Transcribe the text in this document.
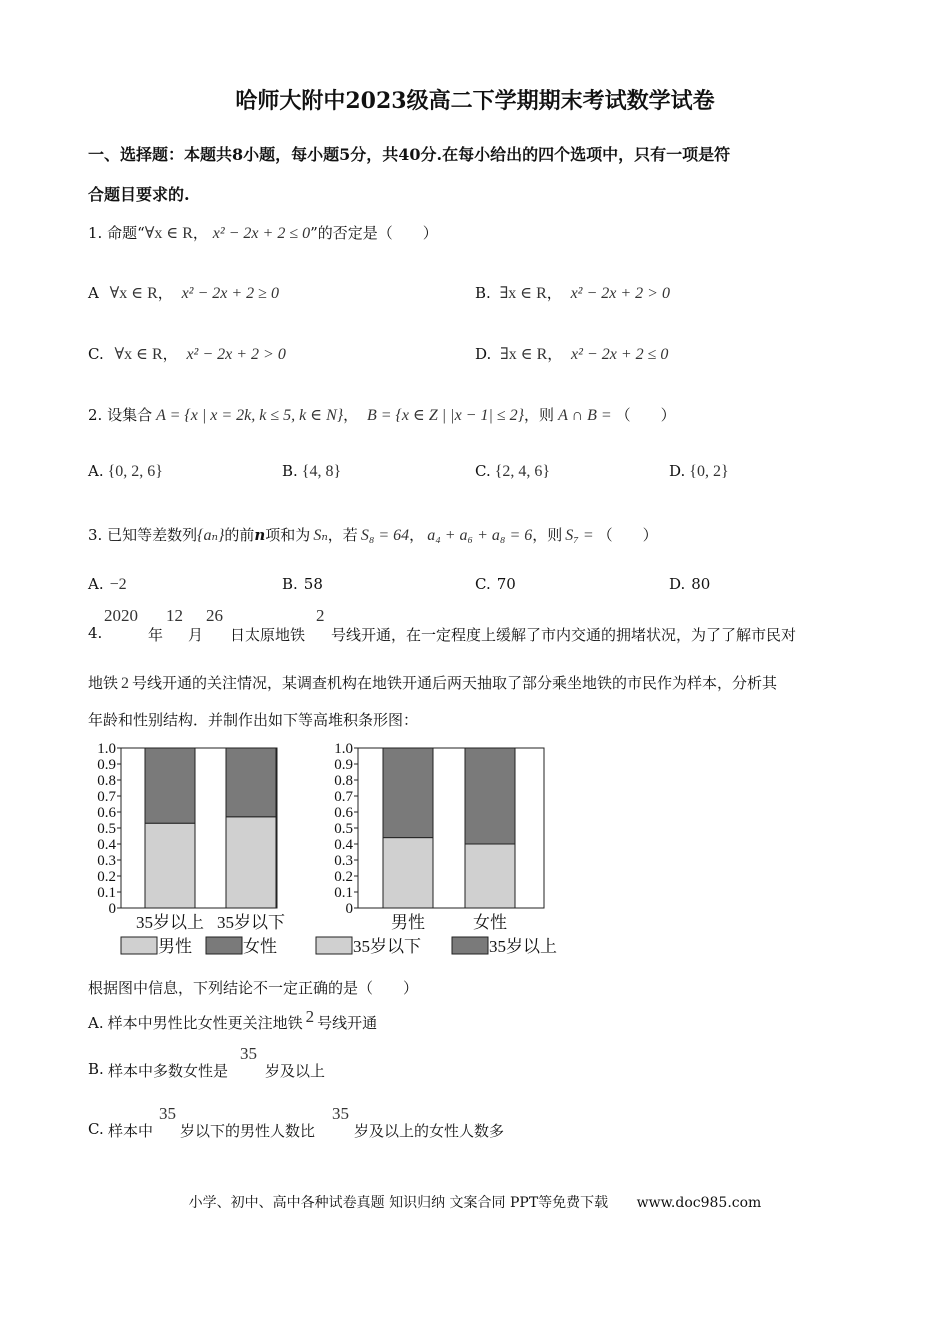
哈师大附中2023级高二下学期期末考试数学试卷
一、选择题：本题共8小题，每小题5分，共40分.在每小给出的四个选项中，只有一项是符
合题目要求的.
1. 命题“∀x ∈ R， x² − 2x + 2 ≤ 0”的否定是（　　）
A ∀x ∈ R， x² − 2x + 2 ≥ 0	B. ∃x ∈ R， x² − 2x + 2 > 0
C. ∀x ∈ R， x² − 2x + 2 > 0	D. ∃x ∈ R， x² − 2x + 2 ≤ 0
2. 设集合 A = {x | x = 2k, k ≤ 5, k ∈ N}， B = {x ∈ Z | |x − 1| ≤ 2}，则 A ∩ B = （　　）
A. {0, 2, 6}	B. {4, 8}	C. {2, 4, 6}	D. {0, 2}
3. 已知等差数列{aₙ}的前n项和为 Sₙ，若 S₈ = 64， a₄ + a₆ + a₈ = 6，则 S₇ = （　　）
A. −2	B. 58	C. 70	D. 80
4.
2020
年
12
月
26
日太原地铁
2
号线开通，在一定程度上缓解了市内交通的拥堵状况，为了了解市民对
地铁 2 号线开通的关注情况，某调查机构在地铁开通后两天抽取了部分乘坐地铁的市民作为样本，分析其
年龄和性别结构．并制作出如下等高堆积条形图：
0
0.1
0.2
0.3
0.4
0.5
0.6
0.7
0.8
0.9
1.0
35岁以上 35岁以下
男性	女性
0
0.1
0.2
0.3
0.4
0.5
0.6
0.7
0.8
0.9
1.0
男性	女性
35岁以下	35岁以上
根据图中信息，下列结论不一定正确的是（　　）
A. 样本中男性比女性更关注地铁 2 号线开通
B. 样本中多数女性是
35
岁及以上
C. 样本中
35
岁以下的男性人数比
35
岁及以上的女性人数多
小学、初中、高中各种试卷真题 知识归纳 文案合同 PPT等免费下载 www.doc985.com
